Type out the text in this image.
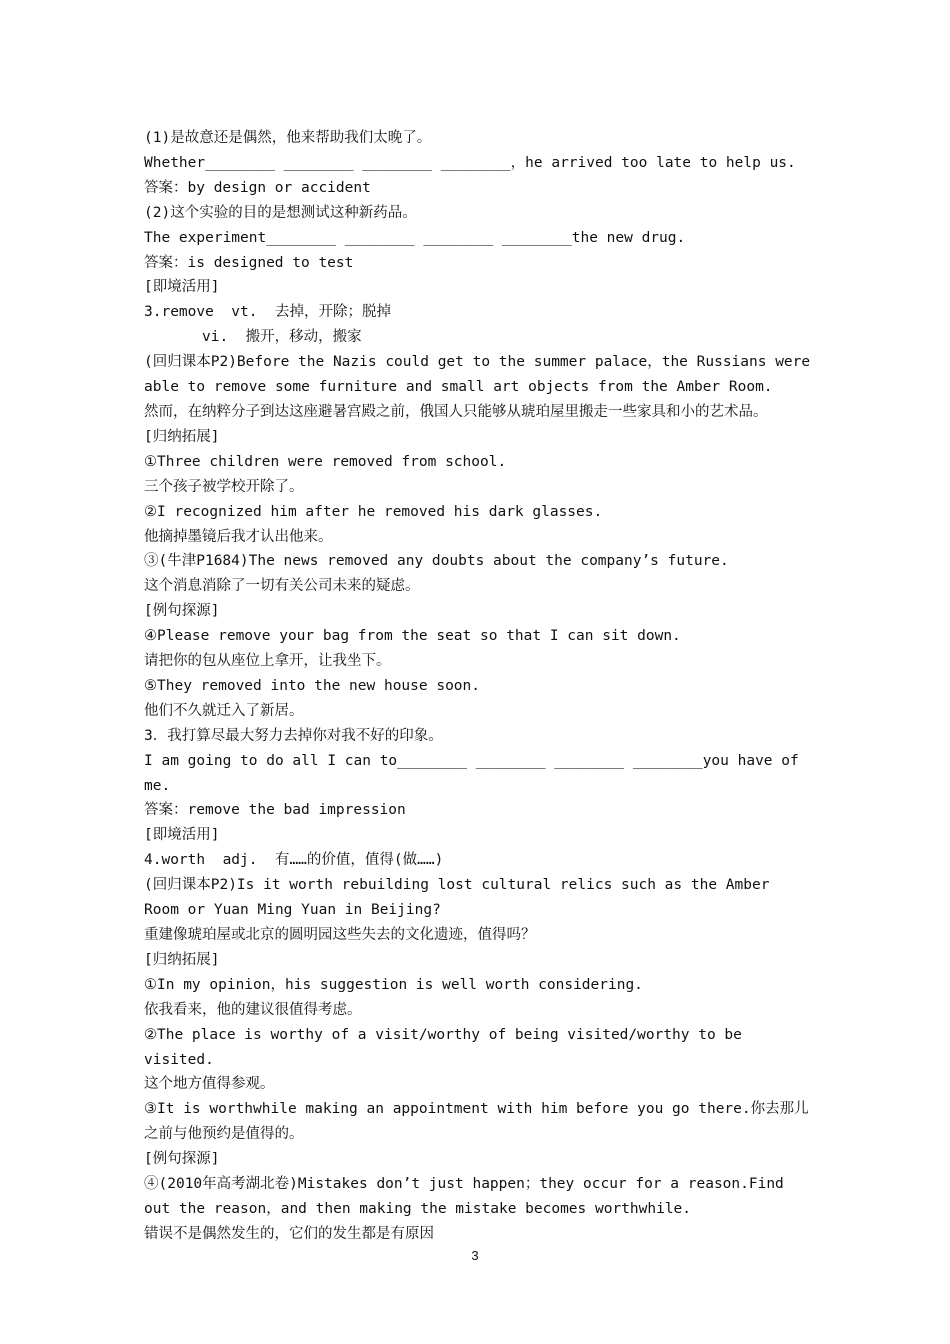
(1)是故意还是偶然，他来帮助我们太晚了。

Whether________ ________ ________ ________，he arrived too late to help us.

答案：by design or accident

(2)这个实验的目的是想测试这种新药品。

The experiment________ ________ ________ ________the new drug.

答案：is designed to test

[即境活用]

3.remove  vt.  去掉，开除；脱掉

vi.  搬开，移动，搬家

(回归课本P2)Before the Nazis could get to the summer palace，the Russians were able to remove some furniture and small art objects from the Amber Room.

然而，在纳粹分子到达这座避暑宫殿之前，俄国人只能够从琥珀屋里搬走一些家具和小的艺术品。

[归纳拓展]

①Three children were removed from school.

三个孩子被学校开除了。

②I recognized him after he removed his dark glasses.

他摘掉墨镜后我才认出他来。

③(牛津P1684)The news removed any doubts about the company’s future.

这个消息消除了一切有关公司未来的疑虑。

[例句探源]

④Please remove your bag from the seat so that I can sit down.

请把你的包从座位上拿开，让我坐下。

⑤They removed into the new house soon.

他们不久就迁入了新居。

3．我打算尽最大努力去掉你对我不好的印象。

I am going to do all I can to________ ________ ________ ________you have of me.

答案：remove the bad impression

[即境活用]

4.worth  adj.  有……的价值，值得(做……)

(回归课本P2)Is it worth rebuilding lost cultural relics such as the Amber Room or Yuan Ming Yuan in Beijing?

重建像琥珀屋或北京的圆明园这些失去的文化遗迹，值得吗？

[归纳拓展]

①In my opinion，his suggestion is well worth considering.

依我看来，他的建议很值得考虑。

②The place is worthy of a visit/worthy of being visited/worthy to be visited.

这个地方值得参观。

③It is worthwhile making an appointment with him before you go there.你去那儿之前与他预约是值得的。

[例句探源]

④(2010年高考湖北卷)Mistakes don’t just happen；they occur for a reason.Find out the reason，and then making the mistake becomes worthwhile.

错误不是偶然发生的，它们的发生都是有原因

3
